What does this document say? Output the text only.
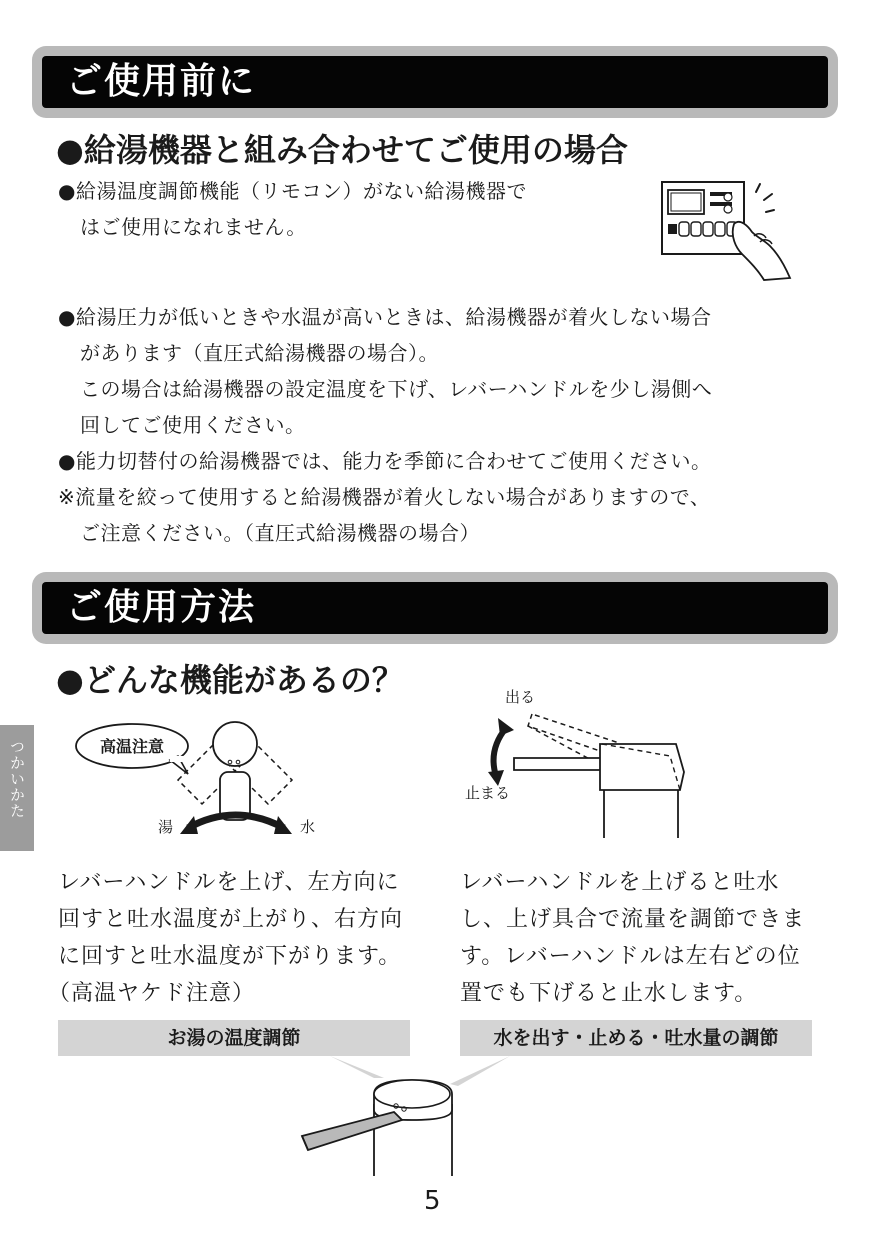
ご使用前に
●給湯機器と組み合わせてご使用の場合
●給湯温度調節機能（リモコン）がない給湯機器で
はご使用になれません。
●給湯圧力が低いときや水温が高いときは、給湯機器が着火しない場合
があります（直圧式給湯機器の場合）。
この場合は給湯機器の設定温度を下げ、レバーハンドルを少し湯側へ
回してご使用ください。
●能力切替付の給湯機器では、能力を季節に合わせてご使用ください。
※流量を絞って使用すると給湯機器が着火しない場合がありますので、
ご注意ください。（直圧式給湯機器の場合）
ご使用方法
●どんな機能があるの？
つかいかた	高温注意
湯	水
出る
止まる
レバーハンドルを上げ、左方向に
回すと吐水温度が上がり、右方向
に回すと吐水温度が下がります。
（高温ヤケド注意）
レバーハンドルを上げると吐水
し、上げ具合で流量を調節できま
す。レバーハンドルは左右どの位
置でも下げると止水します。
お湯の温度調節	水を出す・止める・吐水量の調節
5
